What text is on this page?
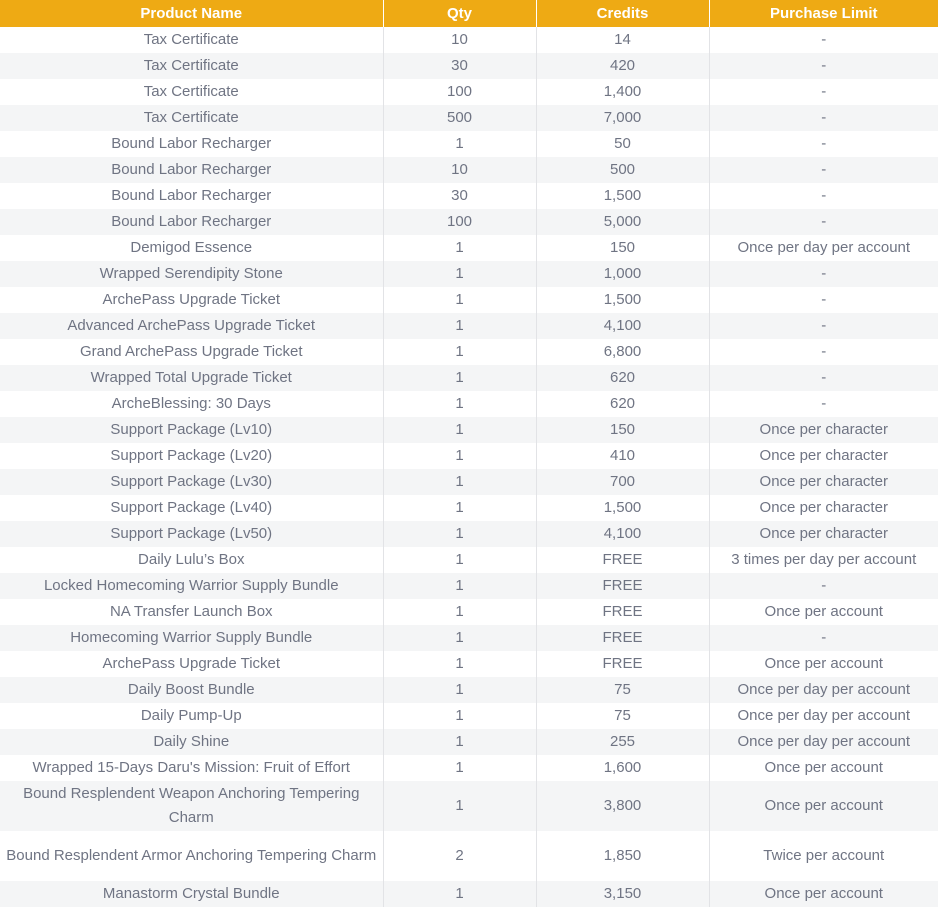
Product Name	Qty	Credits	Purchase Limit
Tax Certificate	10	14	-
Tax Certificate	30	420	-
Tax Certificate	100	1,400	-
Tax Certificate	500	7,000	-
Bound Labor Recharger	1	50	-
Bound Labor Recharger	10	500	-
Bound Labor Recharger	30	1,500	-
Bound Labor Recharger	100	5,000	-
Demigod Essence	1	150	Once per day per account
Wrapped Serendipity Stone	1	1,000	-
ArchePass Upgrade Ticket	1	1,500	-
Advanced ArchePass Upgrade Ticket	1	4,100	-
Grand ArchePass Upgrade Ticket	1	6,800	-
Wrapped Total Upgrade Ticket	1	620	-
ArcheBlessing: 30 Days	1	620	-
Support Package (Lv10)	1	150	Once per character
Support Package (Lv20)	1	410	Once per character
Support Package (Lv30)	1	700	Once per character
Support Package (Lv40)	1	1,500	Once per character
Support Package (Lv50)	1	4,100	Once per character
Daily Lulu’s Box	1	FREE	3 times per day per account
Locked Homecoming Warrior Supply Bundle	1	FREE	-
NA Transfer Launch Box	1	FREE	Once per account
Homecoming Warrior Supply Bundle	1	FREE	-
ArchePass Upgrade Ticket	1	FREE	Once per account
Daily Boost Bundle	1	75	Once per day per account
Daily Pump-Up	1	75	Once per day per account
Daily Shine	1	255	Once per day per account
Wrapped 15-Days Daru's Mission: Fruit of Effort	1	1,600	Once per account
Bound Resplendent Weapon Anchoring Tempering Charm	1	3,800	Once per account
Bound Resplendent Armor Anchoring Tempering Charm	2	1,850	Twice per account
Manastorm Crystal Bundle	1	3,150	Once per account
